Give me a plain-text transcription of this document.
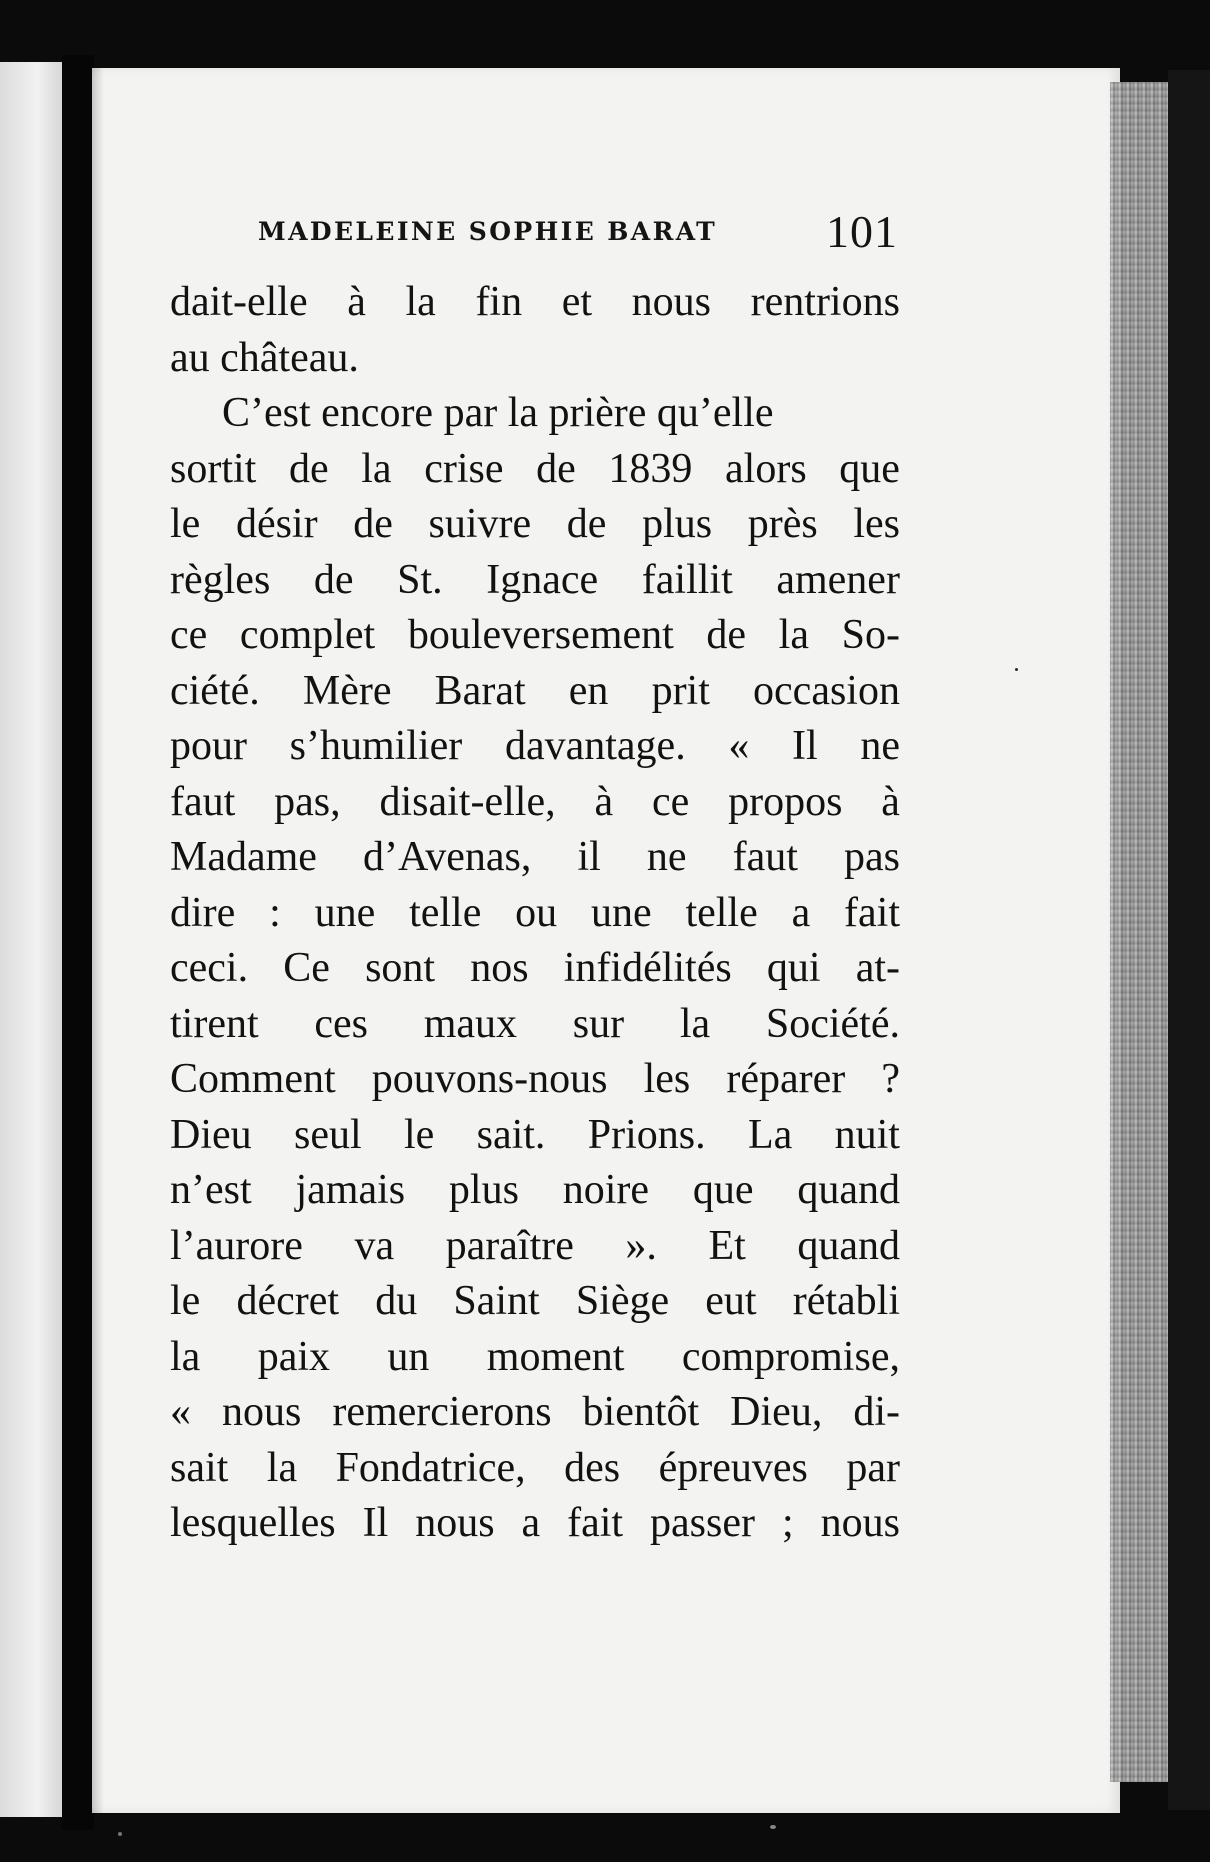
MADELEINE SOPHIE BARAT 101
dait-elle à la fin et nous rentrions
au château.
C’est encore par la prière qu’elle
sortit de la crise de 1839 alors que
le désir de suivre de plus près les
règles de St. Ignace faillit amener
ce complet bouleversement de la So-
ciété. Mère Barat en prit occasion
pour s’humilier davantage. « Il ne
faut pas, disait-elle, à ce propos à
Madame d’Avenas, il ne faut pas
dire : une telle ou une telle a fait
ceci. Ce sont nos infidélités qui at-
tirent ces maux sur la Société.
Comment pouvons-nous les réparer ?
Dieu seul le sait. Prions. La nuit
n’est jamais plus noire que quand
l’aurore va paraître ». Et quand
le décret du Saint Siège eut rétabli
la paix un moment compromise,
« nous remercierons bientôt Dieu, di-
sait la Fondatrice, des épreuves par
lesquelles Il nous a fait passer ; nous
